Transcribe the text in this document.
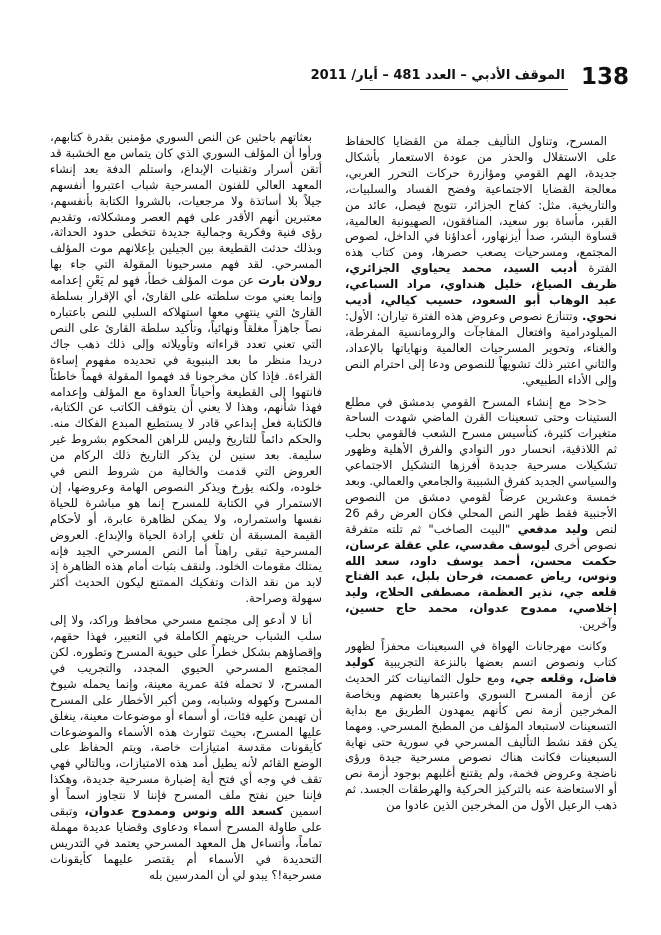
138
الموقف الأدبي – العدد 481 – أيار/ 2011

المسرح، وتناول التأليف جملة من القضايا كالحفاظ على الاستقلال والحذر من عودة الاستعمار بأشكال جديدة، الهم القومي ومؤازرة حركات التحرر العربي، معالجة القضايا الاجتماعية وفضح الفساد والسلبيات، والتاريخية. مثل: كفاح الجزائر، تتويج فيصل، عائد من القبر، مأساة بور سعيد، المنافقون، الصهيونية العالمية، قساوة البشر، صدأ أيزنهاور، أعداؤنا في الداخل، لصوص المجتمع، ومسرحيات يصعب حصرها، ومن كتاب هذه الفترة أديب السيد، محمد يحياوي الجزائري، ظريف الصياغ، خليل هنداوي، مراد السباعي، عبد الوهاب أبو السعود، حسيب كيالي، أديب نحوي. وتتنازع نصوص وعروض هذه الفترة تياران: الأول: الميلودرامية وافتعال المفاجآت والرومانسية المفرطة، والغناء، وتحوير المسرحيات العالمية ونهاياتها بالإعداد، والثاني اعتبر ذلك تشويهاً للنصوص ودعا إلى احترام النص وإلى الأداء الطبيعي.

<<< مع إنشاء المسرح القومي بدمشق في مطلع الستينات وحتى تسعينات القرن الماضي شهدت الساحة متغيرات كثيرة، كتأسيس مسرح الشعب فالقومي بحلب ثم اللاذقية، انحسار دور النوادي والفرق الأهلية وظهور تشكيلات مسرحية جديدة أفرزها التشكيل الاجتماعي والسياسي الجديد كفرق الشبيبة والجامعي والعمالي. وبعد خمسة وعشرين عرضاً لقومي دمشق من النصوص الأجنبية فقط ظهر النص المحلي فكان العرض رقم 26 لنص وليد مدفعي "البيت الصاخب" ثم تلته متفرقة نصوص أخرى ليوسف مقدسي، علي عقلة عرسان، حكمت محسن، أحمد يوسف داود، سعد الله ونوس، رياض عصمت، فرحان بلبل، عبد الفتاح قلعه جي، نذير العظمة، مصطفى الحلاج، وليد إخلاصي، ممدوح عدوان، محمد حاج حسين، وآخرين.

وكانت مهرجانات الهواة في السبعينات محفزاً لظهور كتاب ونصوص اتسم بعضها بالنزعة التجريبية كوليد فاضل، وقلعه جي، ومع حلول الثمانينات كثر الحديث عن أزمة المسرح السوري واعتبرها بعضهم وبخاصة المخرجين أزمة نص كأنهم يمهدون الطريق مع بداية التسعينات لاستبعاد المؤلف من المطبخ المسرحي. ومهما يكن فقد نشط التأليف المسرحي في سورية حتى نهاية السبعينات فكانت هناك نصوص مسرحية جيدة ورؤى ناضجة وعروض فخمة، ولم يقتنع أغلبهم بوجود أزمة نص أو الاستعاضة عنه بالتركيز الحركية والهرطقات الجسد. ثم ذهب الرعيل الأول من المخرجين الذين عادوا من

بعثاتهم باحثين عن النص السوري مؤمنين بقدرة كتابهم، ورأوا أن المؤلف السوري الذي كان يتماس مع الخشبة قد أتقن أسرار وتقنيات الإبداع، واستلم الدفة بعد إنشاء المعهد العالي للفنون المسرحية شباب اعتبروا أنفسهم جيلاً بلا أساتذة ولا مرجعيات، بالشروا الكتابة بأنفسهم، معتبرين أنهم الأقدر على فهم العصر ومشكلاته، وتقديم رؤى فنية وفكرية وجمالية جديدة تتخطى حدود الحداثة، وبذلك حدثت القطيعة بين الجيلين بإعلانهم موت المؤلف المسرحي. لقد فهم مسرحيونا المقولة التي جاء بها رولان بارت عن موت المؤلف خطأ، فهو لم يَعْنِ إعدامه وإنما يعني موت سلطته على القارئ، أي الإقرار بسلطة القارئ التي ينتهي معها استهلاكه السلبي للنص باعتباره نصاً جاهزاً مغلقاً ونهائياً، وتأكيد سلطة القارئ على النص التي تعني تعدد قراءاته وتأويلاته وإلى ذلك ذهب جاك دريدا منظر ما بعد البنيوية في تحديده مفهوم إساءة القراءة. فإذا كان مخرجونا قد فهموا المقولة فهماً خاطئاً فانتهوا إلى القطيعة وأحياناً العداوة مع المؤلف وإعدامه فهذا شأنهم، وهذا لا يعني أن يتوقف الكاتب عن الكتابة، فالكتابة فعل إبداعي قادر لا يستطيع المبدع الفكاك منه. والحكم دائماً للتاريخ وليس للراهن المحكوم بشروط غير سليمة. بعد سنين لن يذكر التاريخ ذلك الركام من العروض التي قدمت والخالية من شروط النص في خلوده، ولكنه يؤرخ ويذكر النصوص الهامة وعروضها، إن الاستمرار في الكتابة للمسرح إنما هو مباشرة للحياة نفسها واستمراره، ولا يمكن لظاهرة عابرة، أو لأحكام القيمة المسبقة أن تلغي إرادة الحياة والإبداع. العروض المسرحية تبقى راهناً أما النص المسرحي الجيد فإنه يمتلك مقومات الخلود. ولنقف بثبات أمام هذه الظاهرة إذ لابد من نقد الذات وتفكيك الممتنع ليكون الحديث أكثر سهولة وصراحة.

أنا لا أدعو إلى مجتمع مسرحي محافظ وراكد، ولا إلى سلب الشباب حريتهم الكاملة في التعبير، فهذا حقهم، وإقصاؤهم بشكل خطراً على حيوية المسرح وتطوره. لكن المجتمع المسرحي الحيوي المجدد، والتجريب في المسرح، لا تحمله فئة عمرية معينة، وإنما يحمله شيوخ المسرح وكهوله وشبابه، ومن أكبر الأخطار على المسرح أن تهيمن عليه فئات، أو أسماء أو موضوعات معينة، ينغلق عليها المسرح، بحيث تتوارث هذه الأسماء والموضوعات كأيقونات مقدسة امتيازات خاصة، ويتم الحفاظ على الوضع القائم لأنه يطيل أمد هذه الامتيازات، وبالتالي فهي تقف في وجه أي فتح أية إضبارة مسرحية جديدة، وهكذا فإننا حين نفتح ملف المسرح فإننا لا نتجاوز اسماً أو اسمين كسعد الله ونوس وممدوح عدوان، وتبقى على طاولة المسرح أسماء ودعاوى وقضايا عديدة مهملة تماماً، وأتساءل هل المعهد المسرحي يعتمد في التدريس التحديدة في الأسماء أم يقتصر عليهما كأيقونات مسرحية!؟ يبدو لي أن المدرسين بله
